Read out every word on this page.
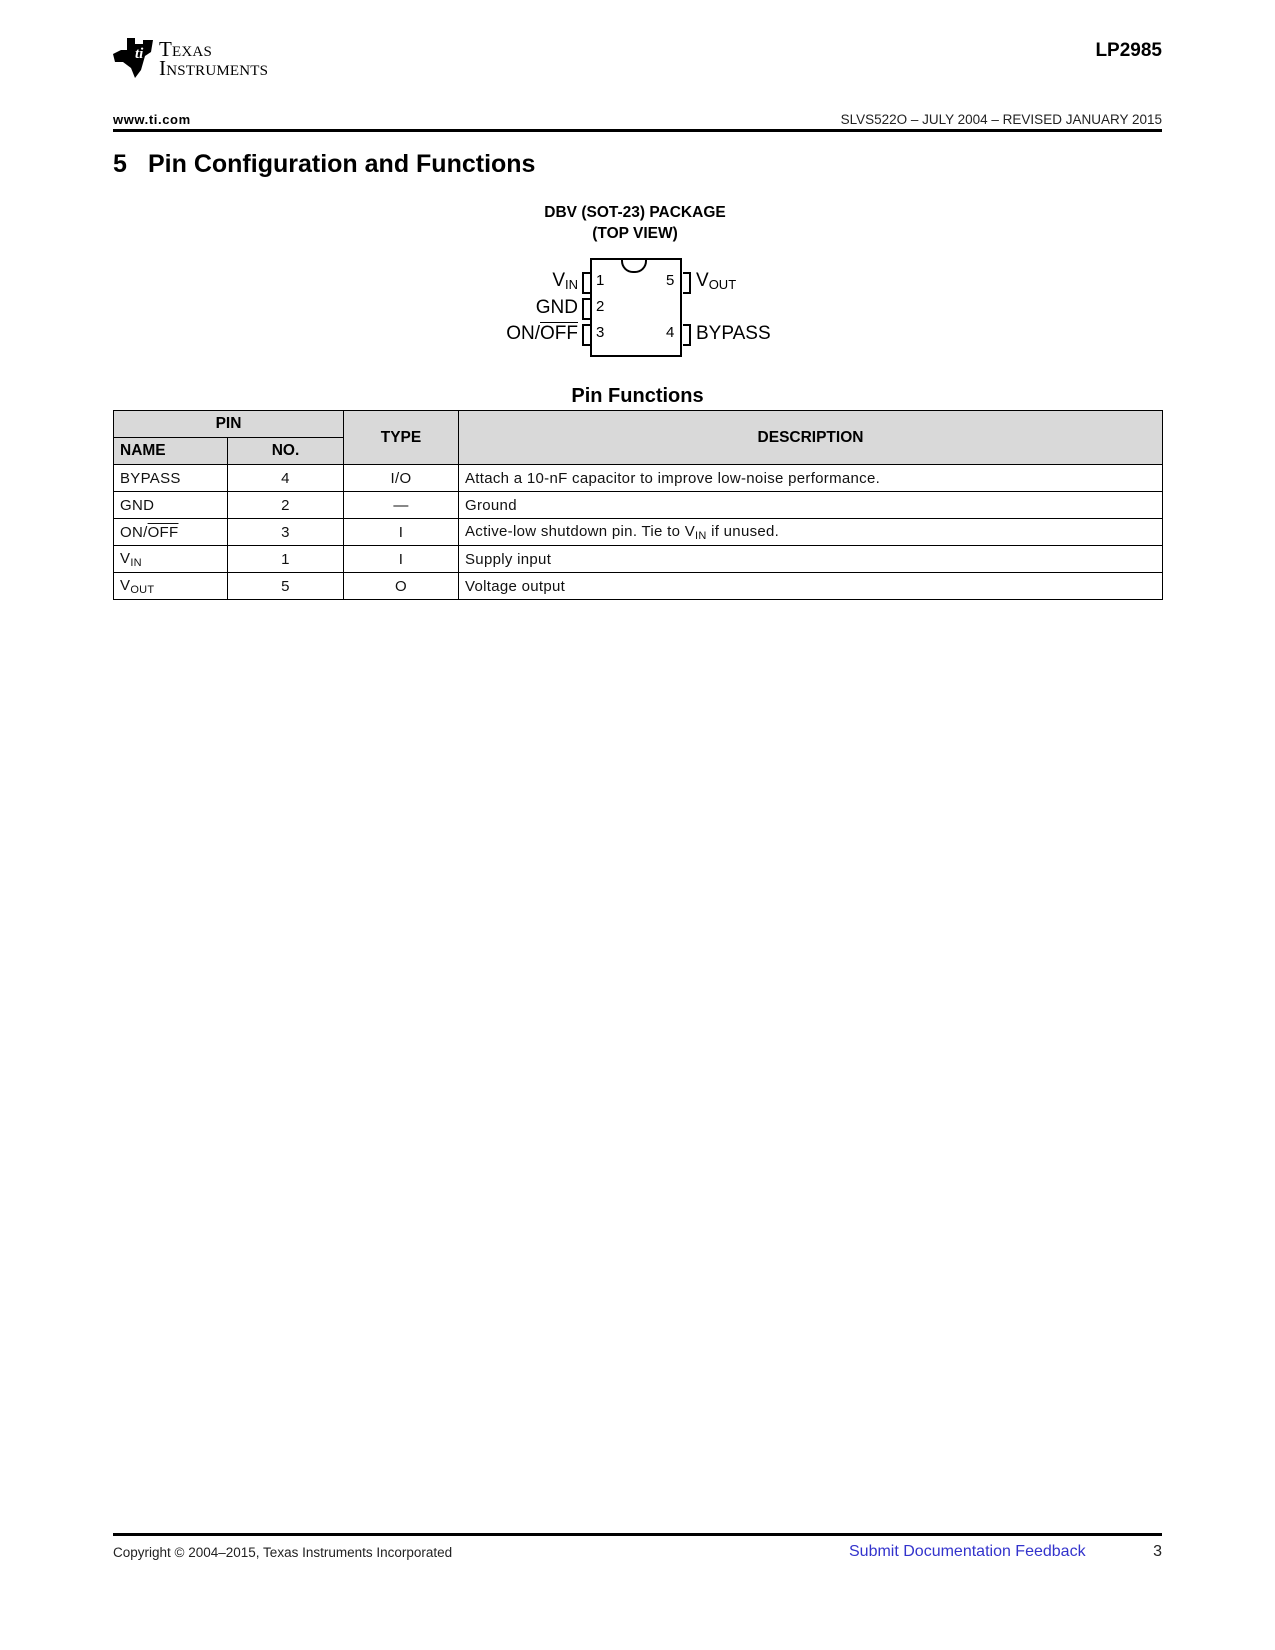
ti Texas
Instruments
LP2985
www.ti.com	SLVS522O – JULY 2004 – REVISED JANUARY 2015
5 Pin Configuration and Functions
DBV (SOT-23) PACKAGE
(TOP VIEW)
1
2
3
$V_{IN}$
GND
$ON/\overline{OFF}$
5
4
$V_{OUT}$
BYPASS
Pin Functions
PIN		TYPE	DESCRIPTION
NAME	NO.		
BYPASS	4	I/O	Attach a 10-nF capacitor to improve low-noise performance.
GND	2	—	Ground
$ON/\overline{OFF}$	3	I	Active-low shutdown pin. Tie to $V_{IN}$ if unused.
$V_{IN}$	1	I	Supply input
$V_{OUT}$	5	O	Voltage output
Copyright © 2004–2015, Texas Instruments Incorporated	Submit Documentation Feedback	3
